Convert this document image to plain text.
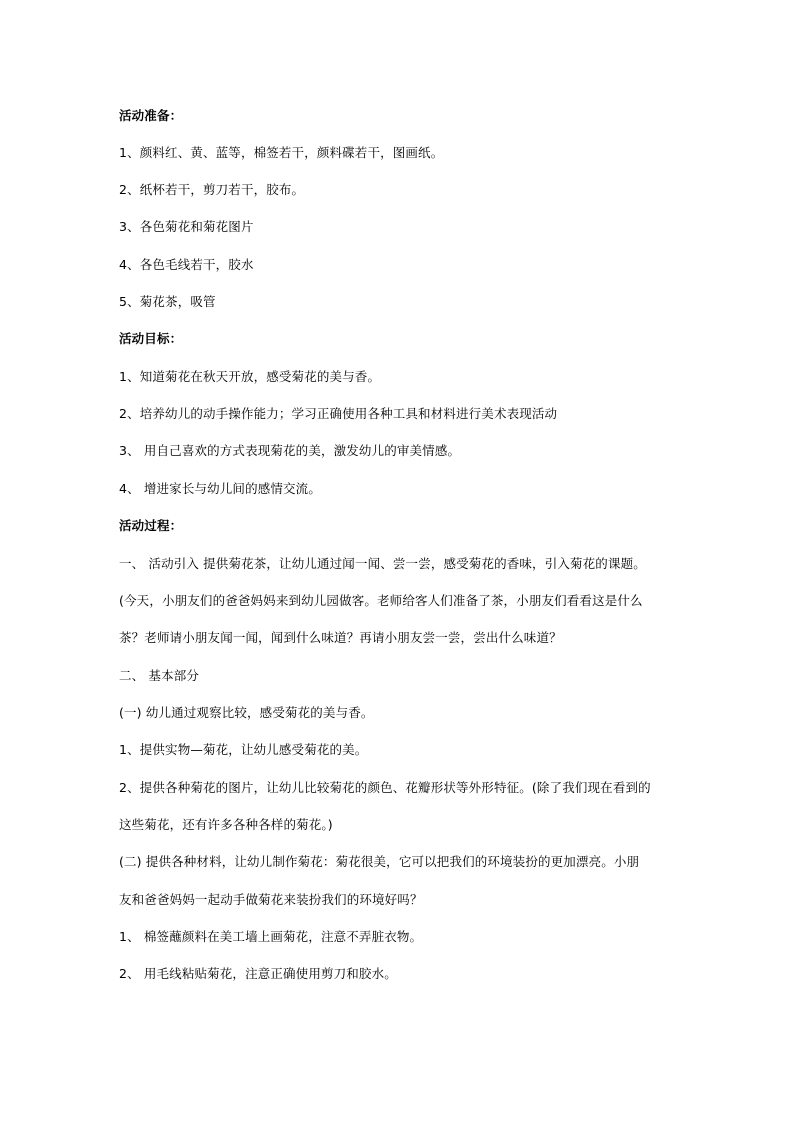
活动准备：
1、颜料红、黄、蓝等，棉签若干，颜料碟若干，图画纸。
2、纸杯若干，剪刀若干，胶布。
3、各色菊花和菊花图片
4、各色毛线若干，胶水
5、菊花茶，吸管
活动目标：
1、知道菊花在秋天开放，感受菊花的美与香。
2、培养幼儿的动手操作能力；学习正确使用各种工具和材料进行美术表现活动
3、 用自己喜欢的方式表现菊花的美，激发幼儿的审美情感。
4、 增进家长与幼儿间的感情交流。
活动过程：
一、 活动引入 提供菊花茶，让幼儿通过闻一闻、尝一尝，感受菊花的香味，引入菊花的课题。
(今天，小朋友们的爸爸妈妈来到幼儿园做客。老师给客人们准备了茶，小朋友们看看这是什么
茶？老师请小朋友闻一闻，闻到什么味道？再请小朋友尝一尝，尝出什么味道？
二、 基本部分
(一) 幼儿通过观察比较，感受菊花的美与香。
1、提供实物—菊花，让幼儿感受菊花的美。
2、提供各种菊花的图片，让幼儿比较菊花的颜色、花瓣形状等外形特征。(除了我们现在看到的
这些菊花，还有许多各种各样的菊花。)
(二) 提供各种材料，让幼儿制作菊花：菊花很美，它可以把我们的环境装扮的更加漂亮。小朋
友和爸爸妈妈一起动手做菊花来装扮我们的环境好吗？
1、 棉签蘸颜料在美工墙上画菊花，注意不弄脏衣物。
2、 用毛线粘贴菊花，注意正确使用剪刀和胶水。
